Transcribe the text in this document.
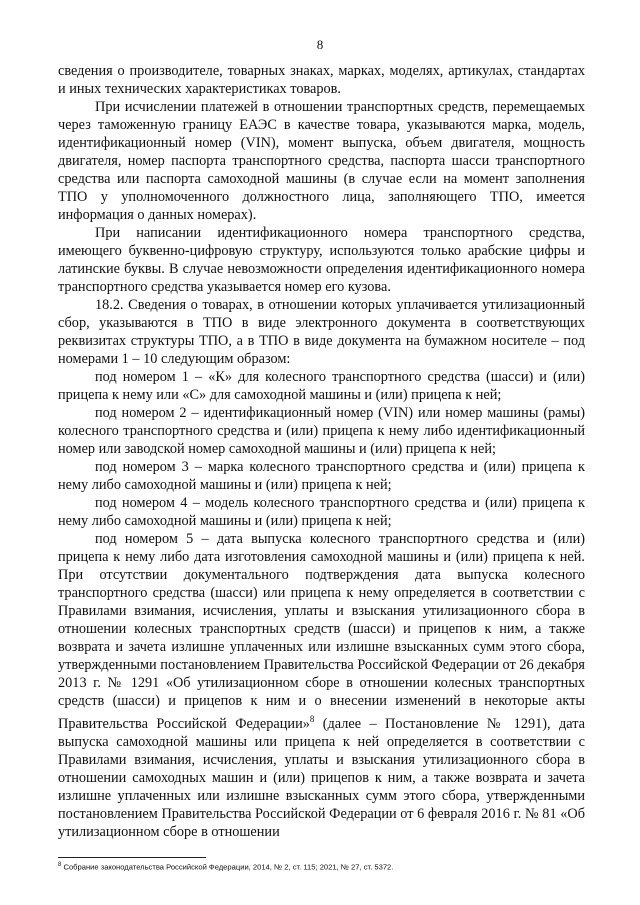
8

сведения о производителе, товарных знаках, марках, моделях, артикулах, стандартах и иных технических характеристиках товаров.

При исчислении платежей в отношении транспортных средств, перемещаемых через таможенную границу ЕАЭС в качестве товара, указываются марка, модель, идентификационный номер (VIN), момент выпуска, объем двигателя, мощность двигателя, номер паспорта транспортного средства, паспорта шасси транспортного средства или паспорта самоходной машины (в случае если на момент заполнения ТПО у уполномоченного должностного лица, заполняющего ТПО, имеется информация о данных номерах).

При написании идентификационного номера транспортного средства, имеющего буквенно-цифровую структуру, используются только арабские цифры и латинские буквы. В случае невозможности определения идентификационного номера транспортного средства указывается номер его кузова.

18.2. Сведения о товарах, в отношении которых уплачивается утилизационный сбор, указываются в ТПО в виде электронного документа в соответствующих реквизитах структуры ТПО, а в ТПО в виде документа на бумажном носителе – под номерами 1 – 10 следующим образом:

под номером 1 – «К» для колесного транспортного средства (шасси) и (или) прицепа к нему или «С» для самоходной машины и (или) прицепа к ней;

под номером 2 – идентификационный номер (VIN) или номер машины (рамы) колесного транспортного средства и (или) прицепа к нему либо идентификационный номер или заводской номер самоходной машины и (или) прицепа к ней;

под номером 3 – марка колесного транспортного средства и (или) прицепа к нему либо самоходной машины и (или) прицепа к ней;

под номером 4 – модель колесного транспортного средства и (или) прицепа к нему либо самоходной машины и (или) прицепа к ней;

под номером 5 – дата выпуска колесного транспортного средства и (или) прицепа к нему либо дата изготовления самоходной машины и (или) прицепа к ней. При отсутствии документального подтверждения дата выпуска колесного транспортного средства (шасси) или прицепа к нему определяется в соответствии с Правилами взимания, исчисления, уплаты и взыскания утилизационного сбора в отношении колесных транспортных средств (шасси) и прицепов к ним, а также возврата и зачета излишне уплаченных или излишне взысканных сумм этого сбора, утвержденными постановлением Правительства Российской Федерации от 26 декабря 2013 г. № 1291 «Об утилизационном сборе в отношении колесных транспортных средств (шасси) и прицепов к ним и о внесении изменений в некоторые акты Правительства Российской Федерации»$^8$ (далее – Постановление № 1291), дата выпуска самоходной машины или прицепа к ней определяется в соответствии с Правилами взимания, исчисления, уплаты и взыскания утилизационного сбора в отношении самоходных машин и (или) прицепов к ним, а также возврата и зачета излишне уплаченных или излишне взысканных сумм этого сбора, утвержденными постановлением Правительства Российской Федерации от 6 февраля 2016 г. № 81 «Об утилизационном сборе в отношении

$^8$ Собрание законодательства Российской Федерации, 2014, № 2, ст. 115; 2021, № 27, ст. 5372.
